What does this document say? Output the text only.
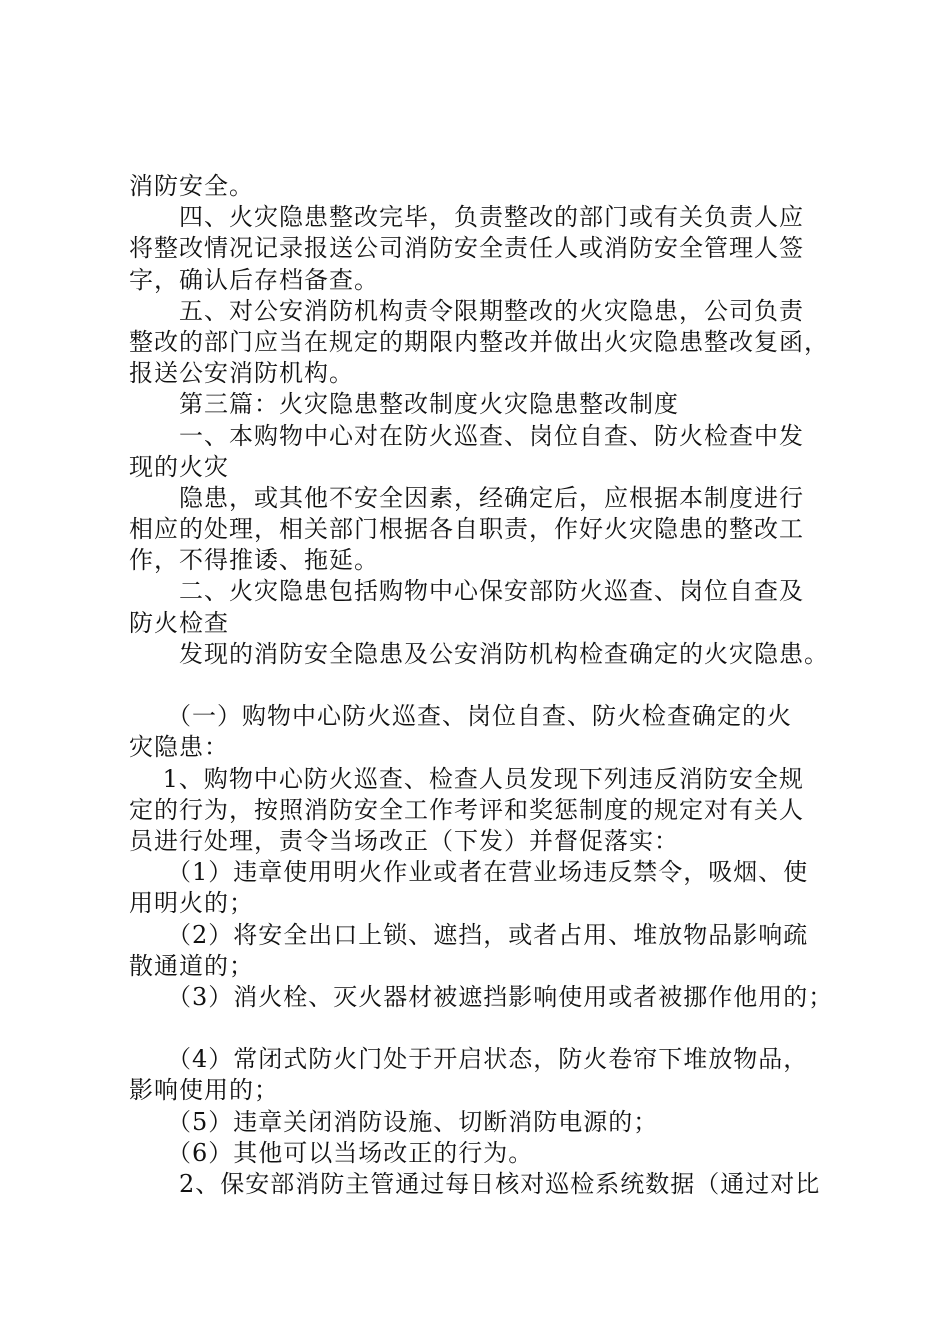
消防安全。
　　四、火灾隐患整改完毕，负责整改的部门或有关负责人应
将整改情况记录报送公司消防安全责任人或消防安全管理人签
字，确认后存档备查。
　　五、对公安消防机构责令限期整改的火灾隐患，公司负责
整改的部门应当在规定的期限内整改并做出火灾隐患整改复函，
报送公安消防机构。
　　第三篇：火灾隐患整改制度火灾隐患整改制度
　　一、本购物中心对在防火巡查、岗位自查、防火检查中发
现的火灾
　　隐患，或其他不安全因素，经确定后，应根据本制度进行
相应的处理，相关部门根据各自职责，作好火灾隐患的整改工
作，不得推诿、拖延。
　　二、火灾隐患包括购物中心保安部防火巡查、岗位自查及
防火检查
　　发现的消防安全隐患及公安消防机构检查确定的火灾隐患。
　　（一）购物中心防火巡查、岗位自查、防火检查确定的火
灾隐患：
　 1、购物中心防火巡查、检查人员发现下列违反消防安全规
定的行为，按照消防安全工作考评和奖惩制度的规定对有关人
员进行处理，责令当场改正（下发）并督促落实：
　　（1）违章使用明火作业或者在营业场违反禁令，吸烟、使
用明火的；
　　（2）将安全出口上锁、遮挡，或者占用、堆放物品影响疏
散通道的；
　　（3）消火栓、灭火器材被遮挡影响使用或者被挪作他用的；
　　（4）常闭式防火门处于开启状态，防火卷帘下堆放物品，
影响使用的；
　　（5）违章关闭消防设施、切断消防电源的；
　　（6）其他可以当场改正的行为。
　　2、保安部消防主管通过每日核对巡检系统数据（通过对比
